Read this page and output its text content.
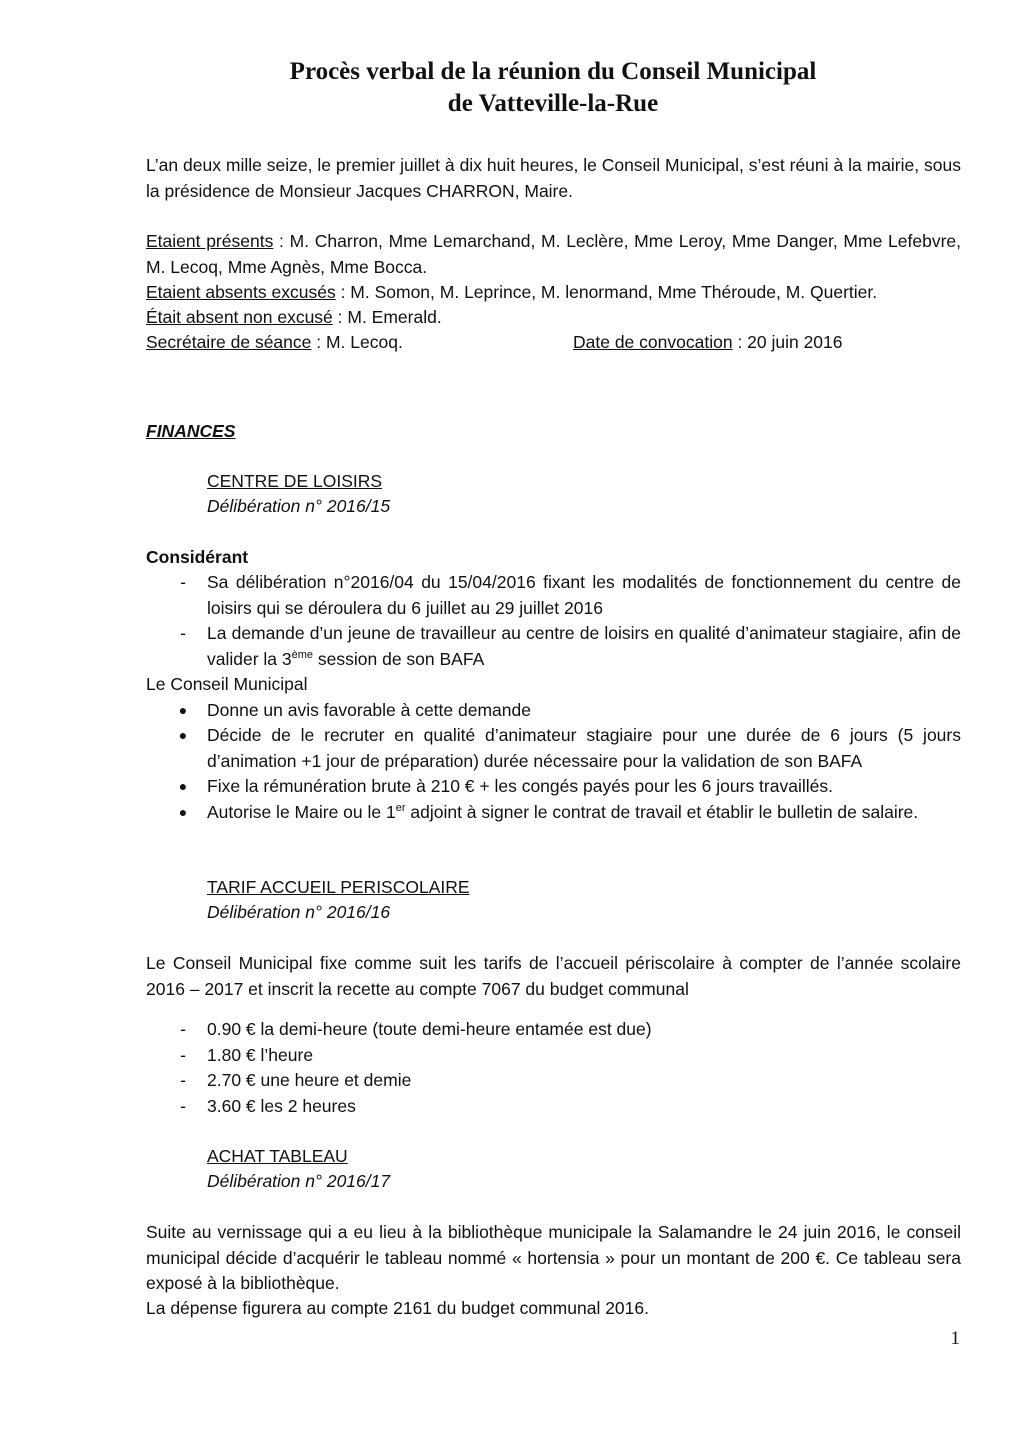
Procès verbal de la réunion du Conseil Municipal
de Vatteville-la-Rue
L’an deux mille seize, le premier juillet à dix huit heures, le Conseil Municipal, s’est réuni à la mairie, sous la présidence de Monsieur Jacques CHARRON, Maire.
Etaient présents : M. Charron, Mme Lemarchand, M. Leclère, Mme Leroy, Mme Danger, Mme Lefebvre, M. Lecoq, Mme Agnès, Mme Bocca.
Etaient absents excusés : M. Somon, M. Leprince, M. lenormand, Mme Théroude, M. Quertier.
Était absent non excusé : M. Emerald.
Secrétaire de séance : M. Lecoq.	Date de convocation : 20 juin 2016
FINANCES
CENTRE DE LOISIRS
Délibération n° 2016/15
Considérant
- Sa délibération n°2016/04 du 15/04/2016 fixant les modalités de fonctionnement du centre de loisirs qui se déroulera du 6 juillet au 29 juillet 2016
- La demande d’un jeune de travailleur au centre de loisirs en qualité d’animateur stagiaire, afin de valider la 3ème session de son BAFA
Le Conseil Municipal
● Donne un avis favorable à cette demande
● Décide de le recruter en qualité d’animateur stagiaire pour une durée de 6 jours (5 jours d’animation +1 jour de préparation) durée nécessaire pour la validation de son BAFA
● Fixe la rémunération brute à 210 € + les congés payés pour les 6 jours travaillés.
● Autorise le Maire ou le 1er adjoint à signer le contrat de travail et établir le bulletin de salaire.
TARIF ACCUEIL PERISCOLAIRE
Délibération n° 2016/16
Le Conseil Municipal fixe comme suit les tarifs de l’accueil périscolaire à compter de l’année scolaire 2016 – 2017 et inscrit la recette au compte 7067 du budget communal
- 0.90 € la demi-heure (toute demi-heure entamée est due)
- 1.80 € l’heure
- 2.70 € une heure et demie
- 3.60 € les 2 heures
ACHAT TABLEAU
Délibération n° 2016/17
Suite au vernissage qui a eu lieu à la bibliothèque municipale la Salamandre le 24 juin 2016, le conseil municipal décide d’acquérir le tableau nommé « hortensia » pour un montant de 200 €. Ce tableau sera exposé à la bibliothèque.
La dépense figurera au compte 2161 du budget communal 2016.
1
